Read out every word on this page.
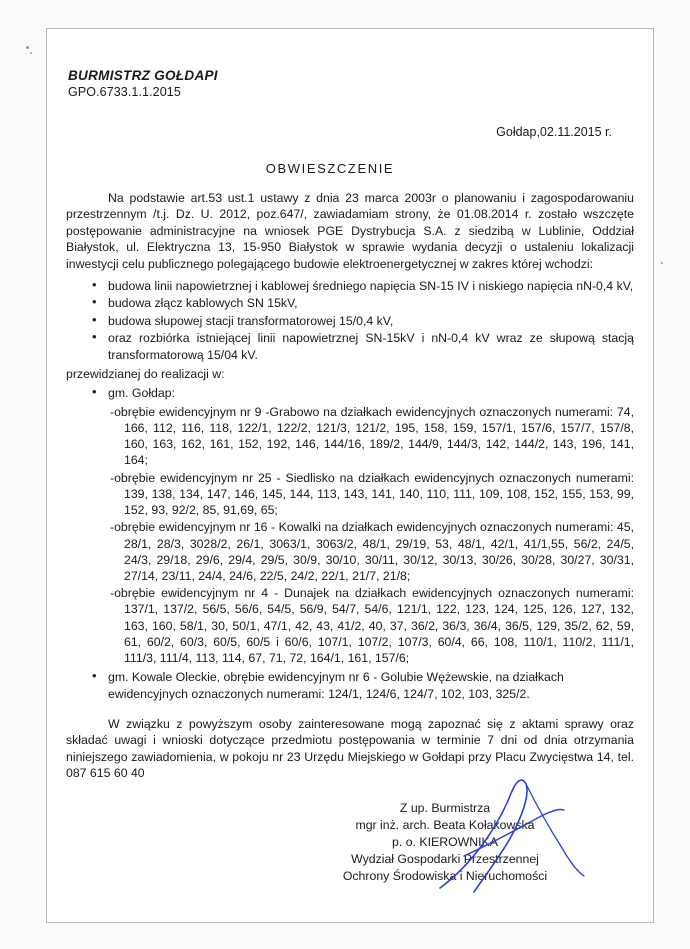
BURMISTRZ GOŁDAPI
GPO.6733.1.1.2015
Gołdap,02.11.2015 r.
OBWIESZCZENIE
Na podstawie art.53 ust.1 ustawy z dnia 23 marca 2003r o planowaniu i zagospodarowaniu przestrzennym /t.j. Dz. U. 2012, poz.647/, zawiadamiam strony, że 01.08.2014 r. zostało wszczęte postępowanie administracyjne na wniosek PGE Dystrybucja S.A. z siedzibą w Lublinie, Oddział Białystok, ul. Elektryczna 13, 15-950 Białystok w sprawie wydania decyzji o ustaleniu lokalizacji inwestycji celu publicznego polegającego budowie elektroenergetycznej w zakres której wchodzi:
• budowa linii napowietrznej i kablowej średniego napięcia SN-15 IV i niskiego napięcia nN-0,4 kV,
• budowa złącz kablowych SN 15kV,
• budowa słupowej stacji transformatorowej 15/0,4 kV,
• oraz rozbiórka istniejącej linii napowietrznej SN-15kV i nN-0,4 kV wraz ze słupową stacją transformatorową 15/04 kV.
przewidzianej do realizacji w:
• gm. Gołdap:
-obrębie ewidencyjnym nr 9 -Grabowo na działkach ewidencyjnych oznaczonych numerami: 74, 166, 112, 116, 118, 122/1, 122/2, 121/3, 121/2, 195, 158, 159, 157/1, 157/6, 157/7, 157/8, 160, 163, 162, 161, 152, 192, 146, 144/16, 189/2, 144/9, 144/3, 142, 144/2, 143, 196, 141, 164;
-obrębie ewidencyjnym nr 25 - Siedlisko na działkach ewidencyjnych oznaczonych numerami: 139, 138, 134, 147, 146, 145, 144, 113, 143, 141, 140, 110, 111, 109, 108, 152, 155, 153, 99, 152, 93, 92/2, 85, 91,69, 65;
-obrębie ewidencyjnym nr 16 - Kowalki na działkach ewidencyjnych oznaczonych numerami: 45, 28/1, 28/3, 3028/2, 26/1, 3063/1, 3063/2, 48/1, 29/19, 53, 48/1, 42/1, 41/1,55, 56/2, 24/5, 24/3, 29/18, 29/6, 29/4, 29/5, 30/9, 30/10, 30/11, 30/12, 30/13, 30/26, 30/28, 30/27, 30/31, 27/14, 23/11, 24/4, 24/6, 22/5, 24/2, 22/1, 21/7, 21/8;
-obrębie ewidencyjnym nr 4 - Dunajek na działkach ewidencyjnych oznaczonych numerami: 137/1, 137/2, 56/5, 56/6, 54/5, 56/9, 54/7, 54/6, 121/1, 122, 123, 124, 125, 126, 127, 132, 163, 160, 58/1, 30, 50/1, 47/1, 42, 43, 41/2, 40, 37, 36/2, 36/3, 36/4, 36/5, 129, 35/2, 62, 59, 61, 60/2, 60/3, 60/5, 60/5 i 60/6, 107/1, 107/2, 107/3, 60/4, 66, 108, 110/1, 110/2, 111/1, 111/3, 111/4, 113, 114, 67, 71, 72, 164/1, 161, 157/6;
• gm. Kowale Oleckie, obrębie ewidencyjnym nr 6 - Golubie Wężewskie, na działkach ewidencyjnych oznaczonych numerami: 124/1, 124/6, 124/7, 102, 103, 325/2.
W związku z powyższym osoby zainteresowane mogą zapoznać się z aktami sprawy oraz składać uwagi i wnioski dotyczące przedmiotu postępowania w terminie 7 dni od dnia otrzymania niniejszego zawiadomienia, w pokoju nr 23 Urzędu Miejskiego w Gołdapi przy Placu Zwycięstwa 14, tel. 087 615 60 40
Z up. Burmistrza
mgr inż. arch. Beata Kołakowska
p. o. KIEROWNIKA
Wydział Gospodarki Przestrzennej
Ochrony Środowiska i Nieruchomości
